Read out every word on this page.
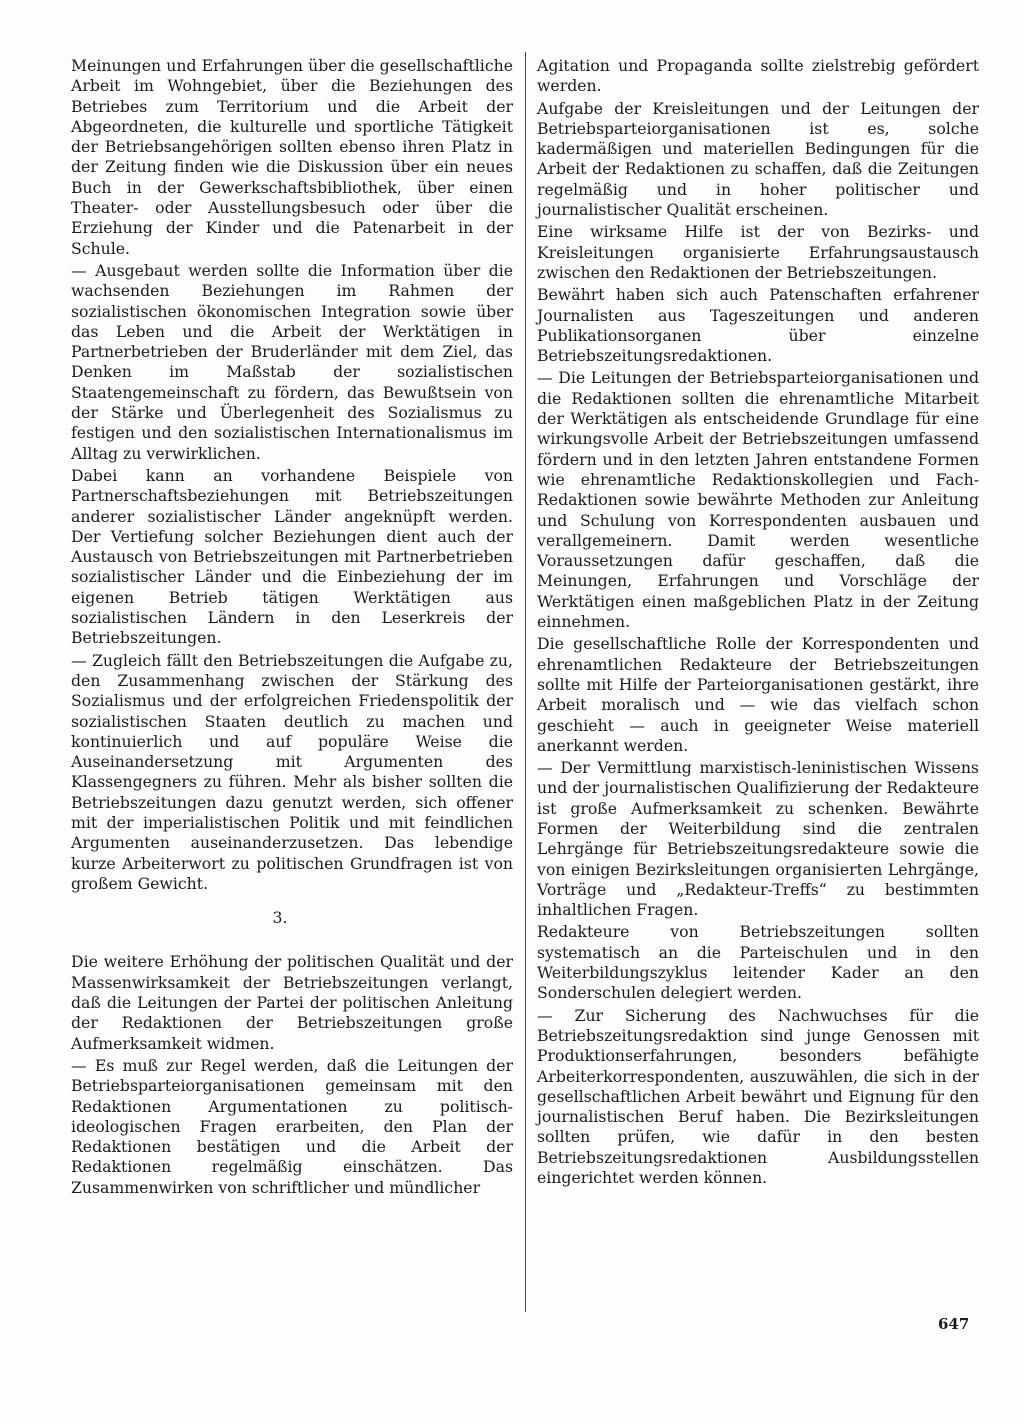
Meinungen und Erfahrungen über die gesellschaftliche Arbeit im Wohngebiet, über die Beziehungen des Betriebes zum Territorium und die Arbeit der Abgeordneten, die kulturelle und sportliche Tätigkeit der Betriebsangehörigen sollten ebenso ihren Platz in der Zeitung finden wie die Diskussion über ein neues Buch in der Gewerkschaftsbibliothek, über einen Theater- oder Ausstellungsbesuch oder über die Erziehung der Kinder und die Patenarbeit in der Schule.

— Ausgebaut werden sollte die Information über die wachsenden Beziehungen im Rahmen der sozialistischen ökonomischen Integration sowie über das Leben und die Arbeit der Werktätigen in Partnerbetrieben der Bruderländer mit dem Ziel, das Denken im Maßstab der sozialistischen Staatengemeinschaft zu fördern, das Bewußtsein von der Stärke und Überlegenheit des Sozialismus zu festigen und den sozialistischen Internationalismus im Alltag zu verwirklichen.

Dabei kann an vorhandene Beispiele von Partnerschaftsbeziehungen mit Betriebszeitungen anderer sozialistischer Länder angeknüpft werden. Der Vertiefung solcher Beziehungen dient auch der Austausch von Betriebszeitungen mit Partnerbetrieben sozialistischer Länder und die Einbeziehung der im eigenen Betrieb tätigen Werktätigen aus sozialistischen Ländern in den Leserkreis der Betriebszeitungen.

— Zugleich fällt den Betriebszeitungen die Aufgabe zu, den Zusammenhang zwischen der Stärkung des Sozialismus und der erfolgreichen Friedenspolitik der sozialistischen Staaten deutlich zu machen und kontinuierlich und auf populäre Weise die Auseinandersetzung mit Argumenten des Klassengegners zu führen. Mehr als bisher sollten die Betriebszeitungen dazu genutzt werden, sich offener mit der imperialistischen Politik und mit feindlichen Argumenten auseinanderzusetzen. Das lebendige kurze Arbeiterwort zu politischen Grundfragen ist von großem Gewicht.

3.

Die weitere Erhöhung der politischen Qualität und der Massenwirksamkeit der Betriebszeitungen verlangt, daß die Leitungen der Partei der politischen Anleitung der Redaktionen der Betriebszeitungen große Aufmerksamkeit widmen.

— Es muß zur Regel werden, daß die Leitungen der Betriebsparteiorganisationen gemeinsam mit den Redaktionen Argumentationen zu politisch-ideologischen Fragen erarbeiten, den Plan der Redaktionen bestätigen und die Arbeit der Redaktionen regelmäßig einschätzen. Das Zusammenwirken von schriftlicher und mündlicher

Agitation und Propaganda sollte zielstrebig gefördert werden.

Aufgabe der Kreisleitungen und der Leitungen der Betriebsparteiorganisationen ist es, solche kadermäßigen und materiellen Bedingungen für die Arbeit der Redaktionen zu schaffen, daß die Zeitungen regelmäßig und in hoher politischer und journalistischer Qualität erscheinen.

Eine wirksame Hilfe ist der von Bezirks- und Kreisleitungen organisierte Erfahrungsaustausch zwischen den Redaktionen der Betriebszeitungen.

Bewährt haben sich auch Patenschaften erfahrener Journalisten aus Tageszeitungen und anderen Publikationsorganen über einzelne Betriebszeitungsredaktionen.

— Die Leitungen der Betriebsparteiorganisationen und die Redaktionen sollten die ehrenamtliche Mitarbeit der Werktätigen als entscheidende Grundlage für eine wirkungsvolle Arbeit der Betriebszeitungen umfassend fördern und in den letzten Jahren entstandene Formen wie ehrenamtliche Redaktionskollegien und Fach-Redaktionen sowie bewährte Methoden zur Anleitung und Schulung von Korrespondenten ausbauen und verallgemeinern. Damit werden wesentliche Voraussetzungen dafür geschaffen, daß die Meinungen, Erfahrungen und Vorschläge der Werktätigen einen maßgeblichen Platz in der Zeitung einnehmen.

Die gesellschaftliche Rolle der Korrespondenten und ehrenamtlichen Redakteure der Betriebszeitungen sollte mit Hilfe der Parteiorganisationen gestärkt, ihre Arbeit moralisch und — wie das vielfach schon geschieht — auch in geeigneter Weise materiell anerkannt werden.

— Der Vermittlung marxistisch-leninistischen Wissens und der journalistischen Qualifizierung der Redakteure ist große Aufmerksamkeit zu schenken. Bewährte Formen der Weiterbildung sind die zentralen Lehrgänge für Betriebszeitungsredakteure sowie die von einigen Bezirksleitungen organisierten Lehrgänge, Vorträge und „Redakteur-Treffs“ zu bestimmten inhaltlichen Fragen.

Redakteure von Betriebszeitungen sollten systematisch an die Parteischulen und in den Weiterbildungszyklus leitender Kader an den Sonderschulen delegiert werden.

— Zur Sicherung des Nachwuchses für die Betriebszeitungsredaktion sind junge Genossen mit Produktionserfahrungen, besonders befähigte Arbeiterkorrespondenten, auszuwählen, die sich in der gesellschaftlichen Arbeit bewährt und Eignung für den journalistischen Beruf haben. Die Bezirksleitungen sollten prüfen, wie dafür in den besten Betriebszeitungsredaktionen Ausbildungsstellen eingerichtet werden können.

647
